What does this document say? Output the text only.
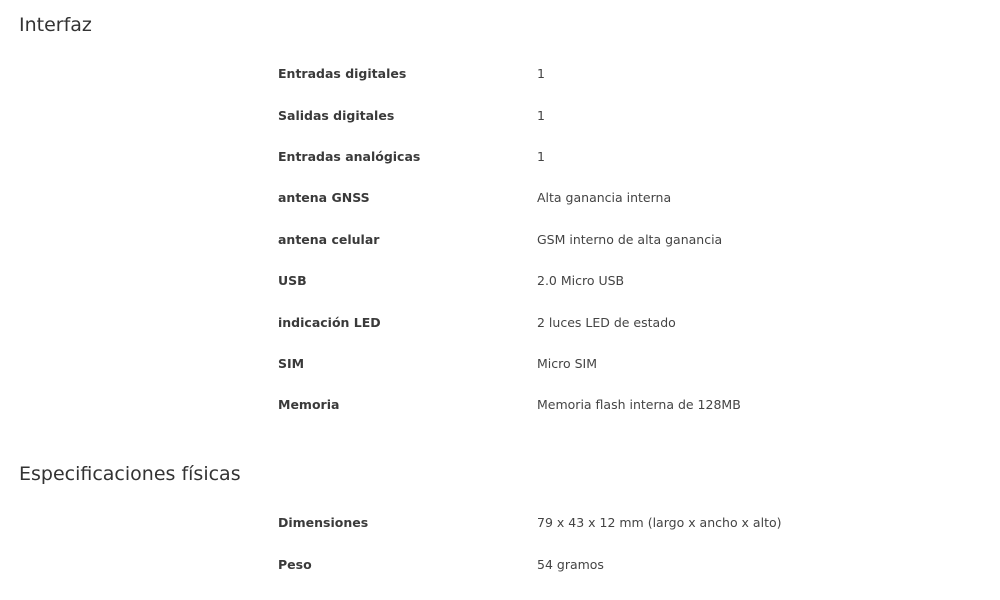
Interfaz
Entradas digitales	1
Salidas digitales	1
Entradas analógicas	1
antena GNSS	Alta ganancia interna
antena celular	GSM interno de alta ganancia
USB	2.0 Micro USB
indicación LED	2 luces LED de estado
SIM	Micro SIM
Memoria	Memoria flash interna de 128MB
Especificaciones físicas
Dimensiones	79 x 43 x 12 mm (largo x ancho x alto)
Peso	54 gramos
